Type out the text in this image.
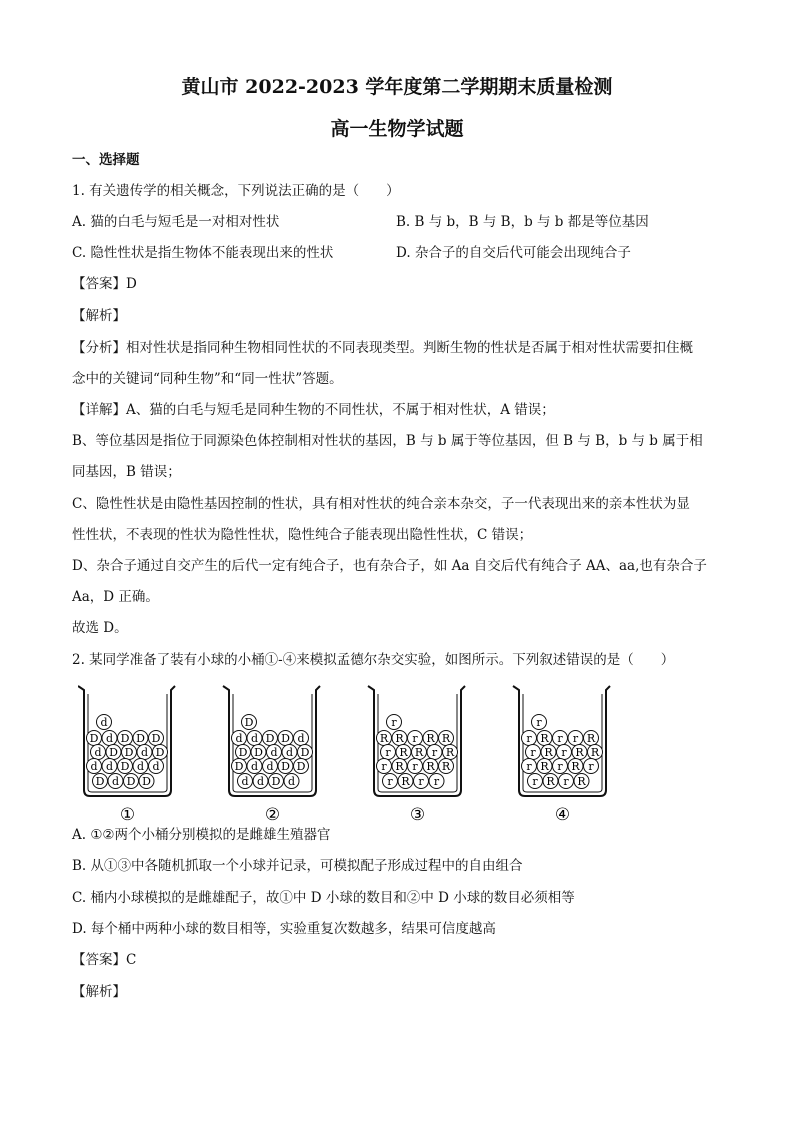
黄山市 2022-2023 学年度第二学期期末质量检测
高一生物学试题
一、选择题
1. 有关遗传学的相关概念，下列说法正确的是（　　）
A. 猫的白毛与短毛是一对相对性状	B. B 与 b，B 与 B，b 与 b 都是等位基因
C. 隐性性状是指生物体不能表现出来的性状	D. 杂合子的自交后代可能会出现纯合子
【答案】D
【解析】
【分析】相对性状是指同种生物相同性状的不同表现类型。判断生物的性状是否属于相对性状需要扣住概
念中的关键词“同种生物”和“同一性状”答题。
【详解】A、猫的白毛与短毛是同种生物的不同性状，不属于相对性状，A 错误；
B、等位基因是指位于同源染色体控制相对性状的基因，B 与 b 属于等位基因，但 B 与 B，b 与 b 属于相
同基因，B 错误；
C、隐性性状是由隐性基因控制的性状，具有相对性状的纯合亲本杂交，子一代表现出来的亲本性状为显
性性状，不表现的性状为隐性性状，隐性纯合子能表现出隐性性状，C 错误；
D、杂合子通过自交产生的后代一定有纯合子，也有杂合子，如 Aa 自交后代有纯合子 AA、aa,也有杂合子
Aa，D 正确。
故选 D。
2. 某同学准备了装有小球的小桶①-④来模拟孟德尔杂交实验，如图所示。下列叙述错误的是（　　）
d
D d D D D
d D D d D
d d D d d
D d D D
①
D
d d D D d
D D d d D
D d d D D
d d D d
②
r
R R r R R
r R R r R
r R r R R
r R r r
③
r
r R r r R
r R r R R
r R r R r
r R r R
④
A. ①②两个小桶分别模拟的是雌雄生殖器官
B. 从①③中各随机抓取一个小球并记录，可模拟配子形成过程中的自由组合
C. 桶内小球模拟的是雌雄配子，故①中 D 小球的数目和②中 D 小球的数目必须相等
D. 每个桶中两种小球的数目相等，实验重复次数越多，结果可信度越高
【答案】C
【解析】
